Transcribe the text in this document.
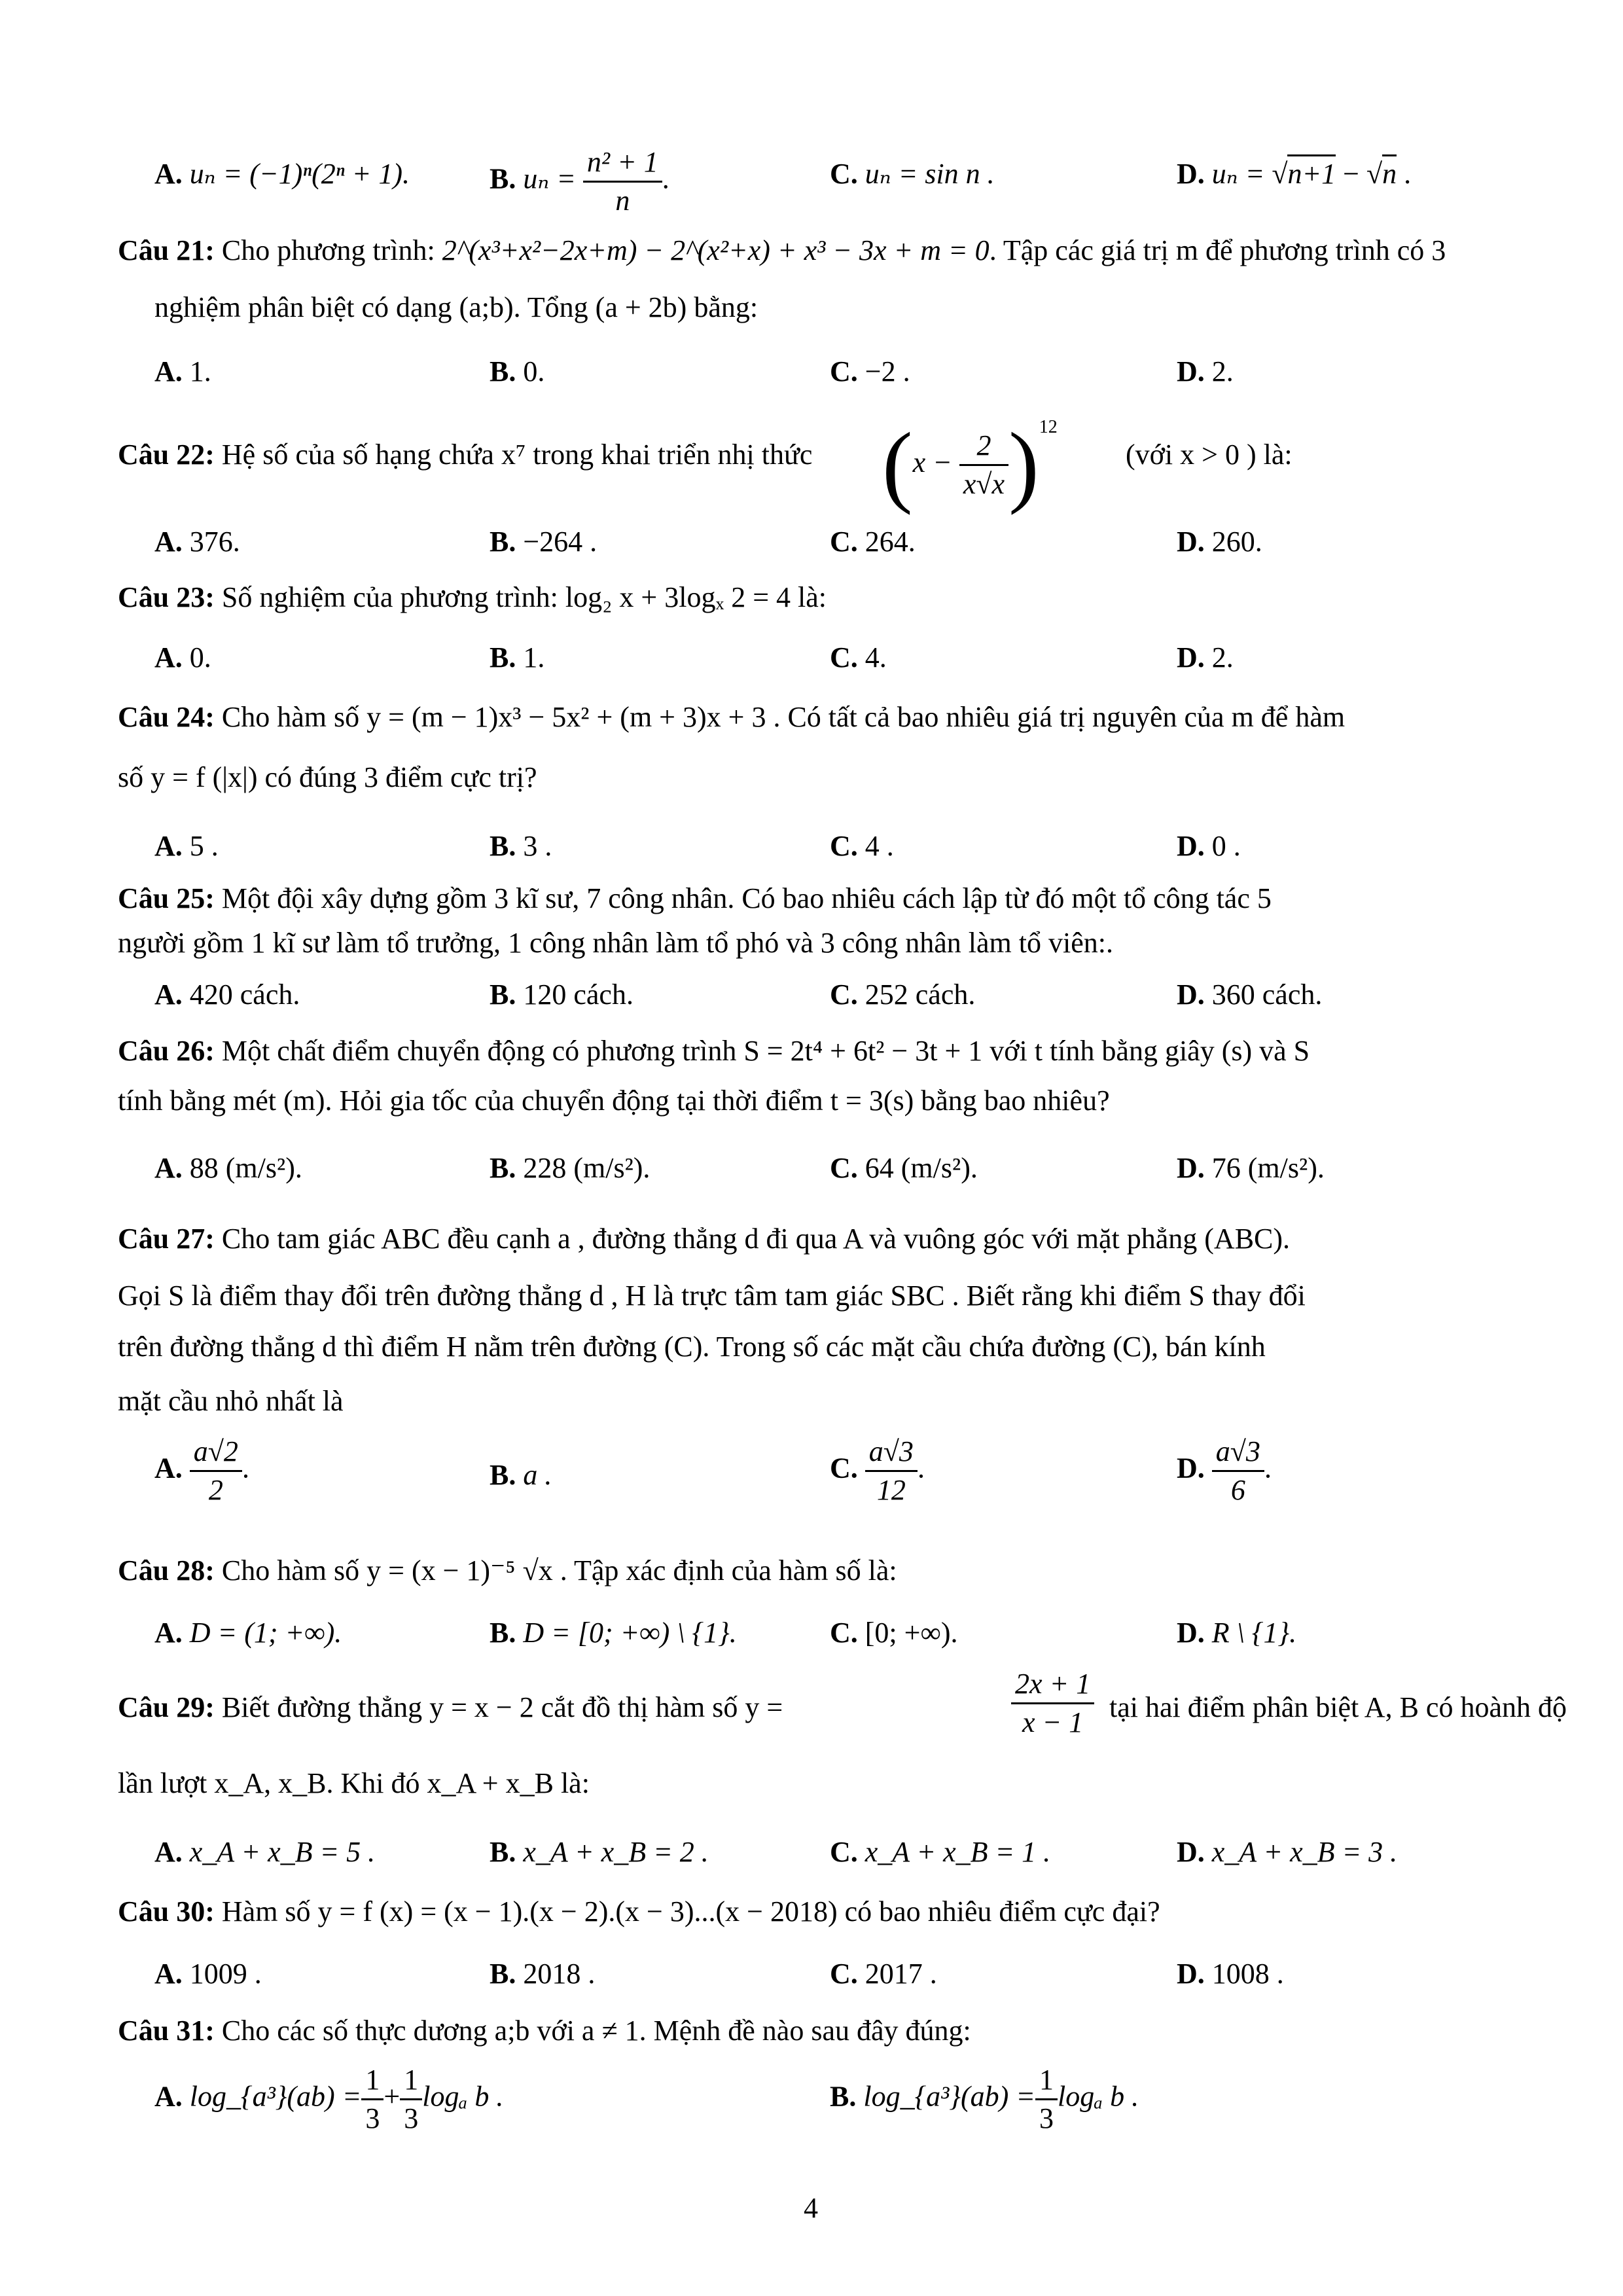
A. uₙ = (−1)ⁿ(2ⁿ + 1).	B. $u_n = \frac{\text{n² + 1}}{n}$ .	C. uₙ = sin n .	D. uₙ = √n+1 − √n .
Câu 21: Cho phương trình: 2^(x³+x²−2x+m) − 2^(x²+x) + x³ − 3x + m = 0. Tập các giá trị m để phương trình có 3
nghiệm phân biệt có dạng (a;b). Tổng (a + 2b) bằng:
A. 1.	B. 0.	C. −2 .	D. 2.
Câu 22: Hệ số của số hạng chứa x⁷ trong khai triển nhị thức $(x - \frac{2}{x√x} )^{12}$
(với x > 0 ) là:
A. 376.	B. −264 .	C. 264.	D. 260.
Câu 23: Số nghiệm của phương trình: log₂ x + 3logₓ 2 = 4 là:
A. 0.	B. 1.	C. 4.	D. 2.
Câu 24: Cho hàm số y = (m − 1)x³ − 5x² + (m + 3)x + 3 . Có tất cả bao nhiêu giá trị nguyên của m để hàm
số y = f (|x|) có đúng 3 điểm cực trị?
A. 5 .	B. 3 .	C. 4 .	D. 0 .
Câu 25: Một đội xây dựng gồm 3 kĩ sư, 7 công nhân. Có bao nhiêu cách lập từ đó một tổ công tác 5
người gồm 1 kĩ sư làm tổ trưởng, 1 công nhân làm tổ phó và 3 công nhân làm tổ viên:.
A. 420 cách.	B. 120 cách.	C. 252 cách.	D. 360 cách.
Câu 26: Một chất điểm chuyển động có phương trình S = 2t⁴ + 6t² − 3t + 1 với t tính bằng giây (s) và S
tính bằng mét (m). Hỏi gia tốc của chuyển động tại thời điểm t = 3(s) bằng bao nhiêu?
A. 88 (m/s²).	B. 228 (m/s²).	C. 64 (m/s²).	D. 76 (m/s²).
Câu 27: Cho tam giác ABC đều cạnh a , đường thẳng d đi qua A và vuông góc với mặt phẳng (ABC).
Gọi S là điểm thay đổi trên đường thẳng d , H là trực tâm tam giác SBC . Biết rằng khi điểm S thay đổi
trên đường thẳng d thì điểm H nằm trên đường (C). Trong số các mặt cầu chứa đường (C), bán kính
mặt cầu nhỏ nhất là
A. $\frac{a√2}{2}$ .	B. a .	C. $\frac{a√3}{12}$ .	D. $\frac{a√3}{6}$ .
Câu 28: Cho hàm số y = (x − 1)⁻⁵ √x . Tập xác định của hàm số là:
A. D = (1; +∞).	B. D = [0; +∞) \ {1}.	C. [0; +∞).	D. R \ {1}.
Câu 29: Biết đường thẳng y = x − 2 cắt đồ thị hàm số y =	$\frac{2x + 1}{x - 1}$ tại hai điểm phân biệt A, B có hoành độ
lần lượt x_A, x_B. Khi đó x_A + x_B là:
A. x_A + x_B = 5 .	B. x_A + x_B = 2 .	C. x_A + x_B = 1 .	D. x_A + x_B = 3 .
Câu 30: Hàm số y = f (x) = (x − 1).(x − 2).(x − 3)...(x − 2018) có bao nhiêu điểm cực đại?
A. 1009 .	B. 2018 .	C. 2017 .	D. 1008 .
Câu 31: Cho các số thực dương a;b với a ≠ 1. Mệnh đề nào sau đây đúng:
A. log_{a³}(ab) = $\frac{1}{3} + \frac{1}{3}$ logₐ b .	B. log_{a³}(ab) = $\frac{1}{3}$ logₐ b .
4
